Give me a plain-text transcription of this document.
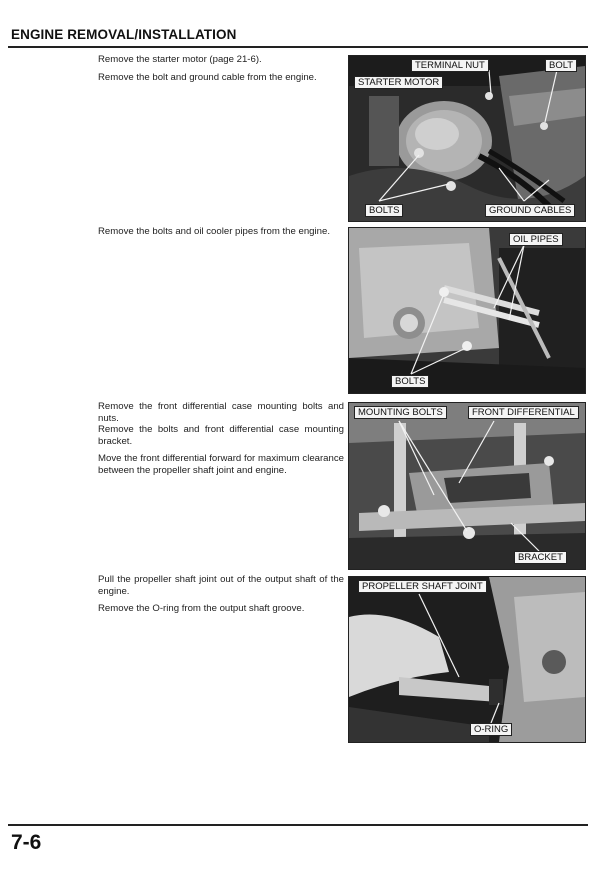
ENGINE REMOVAL/INSTALLATION

Remove the starter motor (page 21-6).

Remove the bolt and ground cable from the engine.

TERMINAL NUT	BOLT
STARTER MOTOR
BOLTS	GROUND CABLES

Remove the bolts and oil cooler pipes from the engine.

OIL PIPES
BOLTS

Remove the front differential case mounting bolts and nuts.

Remove the bolts and front differential case mounting bracket.

Move the front differential forward for maximum clearance between the propeller shaft joint and engine.

MOUNTING BOLTS	FRONT DIFFERENTIAL
BRACKET

Pull the propeller shaft joint out of the output shaft of the engine.

Remove the O-ring from the output shaft groove.

PROPELLER SHAFT JOINT
O-RING
7-6
